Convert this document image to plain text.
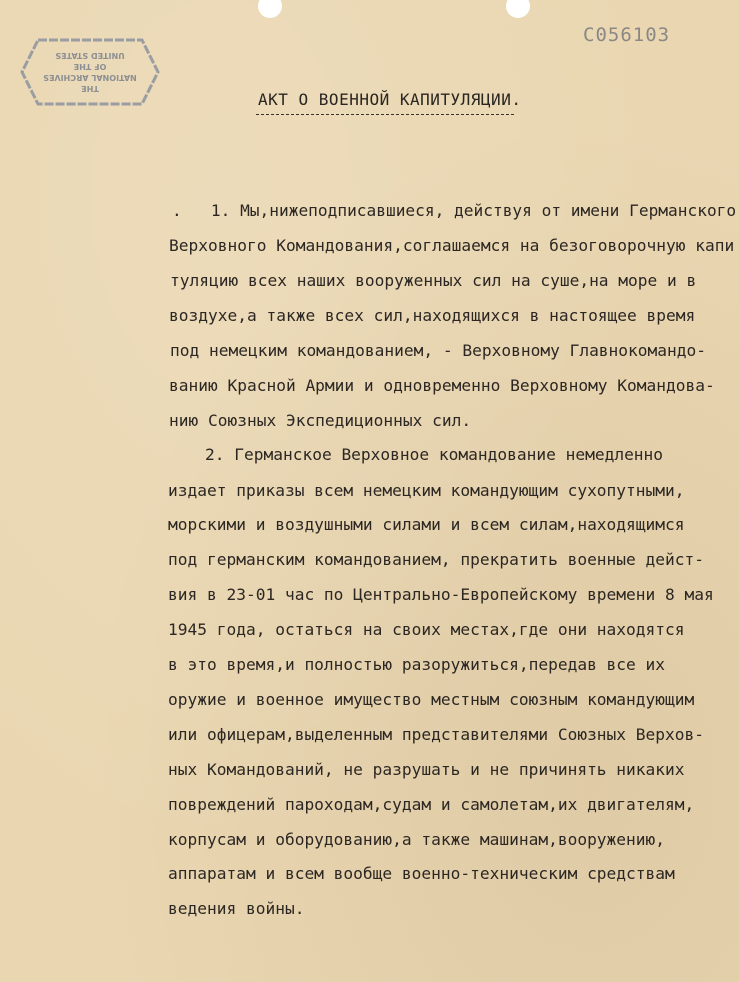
C056103
THE
NATIONAL ARCHIVES
OF THE
UNITED STATES
АКТ О ВОЕННОЙ КАПИТУЛЯЦИИ.
.   1. Мы,нижеподписавшиеся, действуя от имени Германского
Верховного Командования,соглашаемся на безоговорочную капи
туляцию всех наших вооруженных сил на суше,на море и в
воздухе,а также всех сил,находящихся в настоящее время
под немецким командованием, - Верховному Главнокомандо-
ванию Красной Армии и одновременно Верховному Командова-
нию Союзных Экспедиционных сил.
2. Германское Верховное командование немедленно
издает приказы всем немецким командующим сухопутными,
морскими и воздушными силами и всем силам,находящимся
под германским командованием, прекратить военные дейст-
вия в 23-01 час по Центрально-Европейскому времени 8 мая
1945 года, остаться на своих местах,где они находятся
в это время,и полностью разоружиться,передав все их
оружие и военное имущество местным союзным командующим
или офицерам,выделенным представителями Союзных Верхов-
ных Командований, не разрушать и не причинять никаких
повреждений пароходам,судам и самолетам,их двигателям,
корпусам и оборудованию,а также машинам,вооружению,
аппаратам и всем вообще военно-техническим средствам
ведения войны.
